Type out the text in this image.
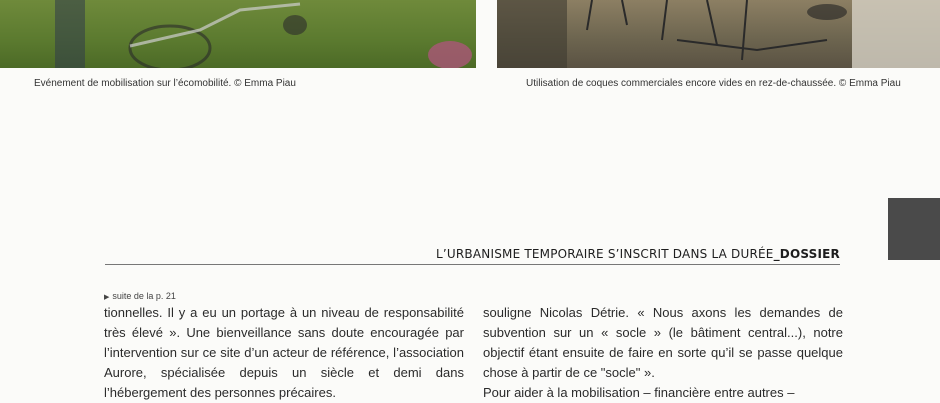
Evénement de mobilisation sur l’écomobilité. © Emma Piau	Utilisation de coques commerciales encore vides en rez-de-chaussée. © Emma Piau
L’URBANISME TEMPORAIRE S’INSCRIT DANS LA DURÉE_DOSSIER
▶ suite de la p. 21

tionnelles. Il y a eu un portage à un niveau de responsabilité très élevé ». Une bienveillance sans doute encouragée par l’intervention sur ce site d’un acteur de référence, l’association Aurore, spécialisée depuis un siècle et demi dans l’hébergement des personnes précaires.

souligne Nicolas Détrie. « Nous axons les demandes de subvention sur un « socle » (le bâtiment central...), notre objectif étant ensuite de faire en sorte qu’il se passe quelque chose à partir de ce "socle" ».

Pour aider à la mobilisation – financière entre autres –
